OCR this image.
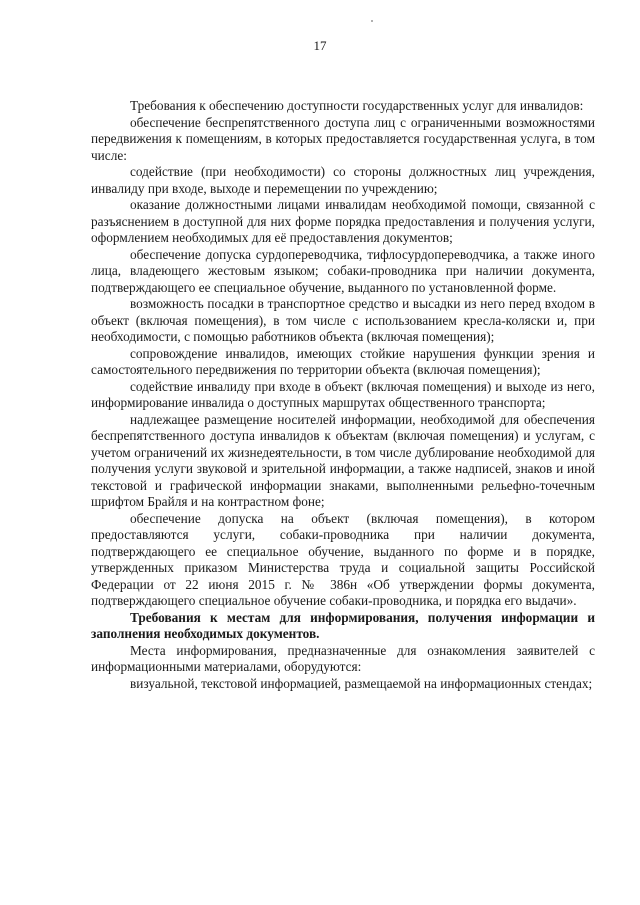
17

Требования к обеспечению доступности государственных услуг для инвалидов:

обеспечение беспрепятственного доступа лиц с ограниченными возможностями передвижения к помещениям, в которых предоставляется государственная услуга, в том числе:

содействие (при необходимости) со стороны должностных лиц учреждения, инвалиду при входе, выходе и перемещении по учреждению;

оказание должностными лицами инвалидам необходимой помощи, связанной с разъяснением в доступной для них форме порядка предоставления и получения услуги, оформлением необходимых для её предоставления документов;

обеспечение допуска сурдопереводчика, тифлосурдопереводчика, а также иного лица, владеющего жестовым языком; собаки-проводника при наличии документа, подтверждающего ее специальное обучение, выданного по установленной форме.

возможность посадки в транспортное средство и высадки из него перед входом в объект (включая помещения), в том числе с использованием кресла-коляски и, при необходимости, с помощью работников объекта (включая помещения);

сопровождение инвалидов, имеющих стойкие нарушения функции зрения и самостоятельного передвижения по территории объекта (включая помещения);

содействие инвалиду при входе в объект (включая помещения) и выходе из него, информирование инвалида о доступных маршрутах общественного транспорта;

надлежащее размещение носителей информации, необходимой для обеспечения беспрепятственного доступа инвалидов к объектам (включая помещения) и услугам, с учетом ограничений их жизнедеятельности, в том числе дублирование необходимой для получения услуги звуковой и зрительной информации, а также надписей, знаков и иной текстовой и графической информации знаками, выполненными рельефно-точечным шрифтом Брайля и на контрастном фоне;

обеспечение допуска на объект (включая помещения), в котором предоставляются услуги, собаки-проводника при наличии документа, подтверждающего ее специальное обучение, выданного по форме и в порядке, утвержденных приказом Министерства труда и социальной защиты Российской Федерации от 22 июня 2015 г. № 386н «Об утверждении формы документа, подтверждающего специальное обучение собаки-проводника, и порядка его выдачи».

Требования к местам для информирования, получения информации и заполнения необходимых документов.

Места информирования, предназначенные для ознакомления заявителей с информационными материалами, оборудуются:

визуальной, текстовой информацией, размещаемой на информационных стендах;
